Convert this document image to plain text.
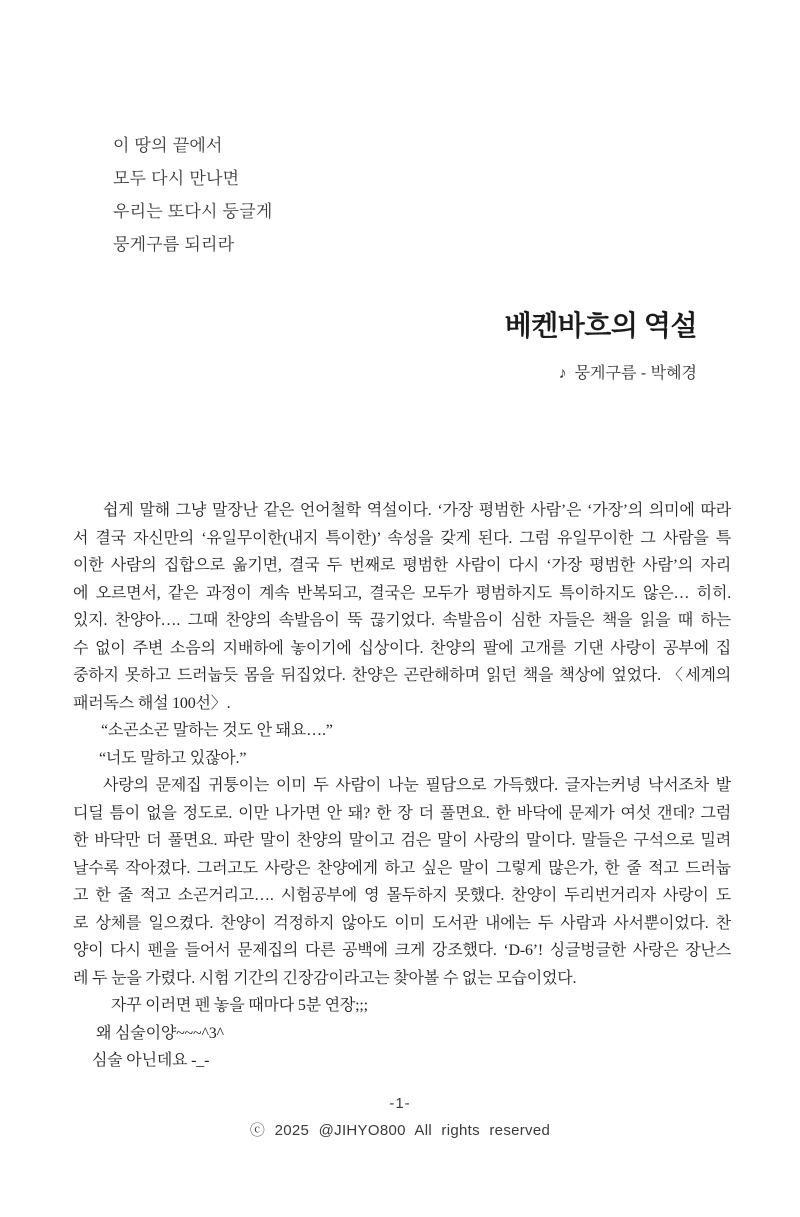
이 땅의 끝에서
모두 다시 만나면
우리는 또다시 둥글게
뭉게구름 되리라
베켄바흐의 역설
♪ 뭉게구름 - 박혜경
쉽게 말해 그냥 말장난 같은 언어철학 역설이다. ‘가장 평범한 사람’은 ‘가장’의 의미에 따라
서 결국 자신만의 ‘유일무이한(내지 특이한)’ 속성을 갖게 된다. 그럼 유일무이한 그 사람을 특
이한 사람의 집합으로 옮기면, 결국 두 번째로 평범한 사람이 다시 ‘가장 평범한 사람’의 자리
에 오르면서, 같은 과정이 계속 반복되고, 결국은 모두가 평범하지도 특이하지도 않은… 히히.
있지. 찬양아…. 그때 찬양의 속발음이 뚝 끊기었다. 속발음이 심한 자들은 책을 읽을 때 하는
수 없이 주변 소음의 지배하에 놓이기에 십상이다. 찬양의 팔에 고개를 기댄 사랑이 공부에 집
중하지 못하고 드러눕듯 몸을 뒤집었다. 찬양은 곤란해하며 읽던 책을 책상에 엎었다. 〈세계의
패러독스 해설 100선〉.
“소곤소곤 말하는 것도 안 돼요….”
“너도 말하고 있잖아.”
사랑의 문제집 귀퉁이는 이미 두 사람이 나눈 필담으로 가득했다. 글자는커녕 낙서조차 발
디딜 틈이 없을 정도로. 이만 나가면 안 돼? 한 장 더 풀면요. 한 바닥에 문제가 여섯 갠데? 그럼
한 바닥만 더 풀면요. 파란 말이 찬양의 말이고 검은 말이 사랑의 말이다. 말들은 구석으로 밀려
날수록 작아졌다. 그러고도 사랑은 찬양에게 하고 싶은 말이 그렇게 많은가, 한 줄 적고 드러눕
고 한 줄 적고 소곤거리고…. 시험공부에 영 몰두하지 못했다. 찬양이 두리번거리자 사랑이 도
로 상체를 일으켰다. 찬양이 걱정하지 않아도 이미 도서관 내에는 두 사람과 사서뿐이었다. 찬
양이 다시 펜을 들어서 문제집의 다른 공백에 크게 강조했다. ‘D-6’! 싱글벙글한 사랑은 장난스
레 두 눈을 가렸다. 시험 기간의 긴장감이라고는 찾아볼 수 없는 모습이었다.
자꾸 이러면 펜 놓을 때마다 5분 연장;;;
왜 심술이양~~~^3^
심술 아닌데요 -_-
-1-
ⓒ 2025 @JIHYO800 All rights reserved
